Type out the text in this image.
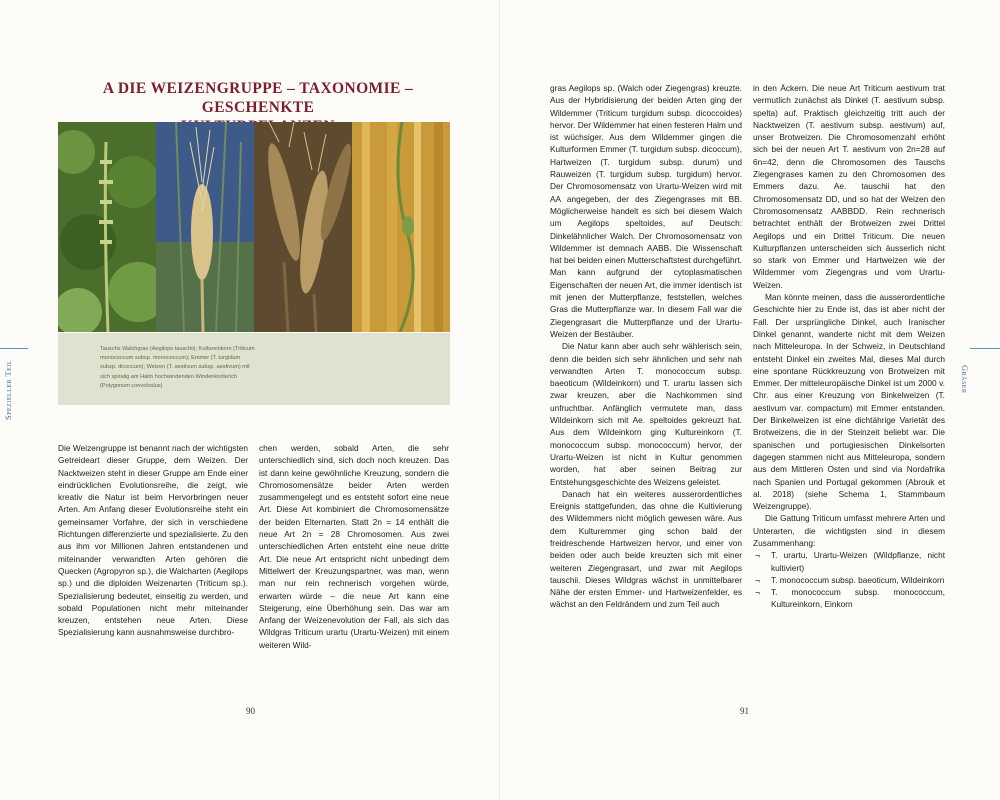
A DIE WEIZENGRUPPE – TAXONOMIE – GESCHENKTE
Tauschs Walchgras (Aegilops tauschii); Kultureinkorn (Triticum
monococcum subsp. monococcum); Emmer (T. turgidum
subsp. dicoccum); Weizen (T. aestivum subsp. aestivum) mit
sich spiralig am Halm hochwindenden Windenknöterich
(Polygonum convolvulus)
Spezieller Teil

Die Weizengruppe ist benannt nach der wichtigsten Getreideart dieser Gruppe, dem Weizen. Der Nacktweizen steht in dieser Gruppe am Ende einer eindrücklichen Evolutionsreihe, die zeigt, wie kreativ die Natur ist beim Hervorbringen neuer Arten. Am Anfang dieser Evolutionsreihe steht ein gemeinsamer Vorfahre, der sich in verschiedene Richtungen differenzierte und spezialisierte. Zu den aus ihm vor Millionen Jahren entstandenen und miteinander verwandten Arten gehören die Quecken (Agropyron sp.), die Walcharten (Aegilops sp.) und die diploiden Weizenarten (Triticum sp.). Spezialisierung bedeutet, einseitig zu werden, und sobald Populationen nicht mehr miteinander kreuzen, entstehen neue Arten. Diese Spezialisierung kann ausnahmsweise durchbro-

chen werden, sobald Arten, die sehr unterschiedlich sind, sich doch noch kreuzen. Das ist dann keine gewöhnliche Kreuzung, sondern die Chromosomensätze beider Arten werden zusammengelegt und es entsteht sofort eine neue Art. Diese Art kombiniert die Chromosomensätze der beiden Elternarten. Statt 2n = 14 enthält die neue Art 2n = 28 Chromosomen. Aus zwei unterschiedlichen Arten entsteht eine neue dritte Art. Die neue Art entspricht nicht unbedingt dem Mittelwert der Kreuzungspartner, was man, wenn man nur rein rechnerisch vorgehen würde, erwarten würde – die neue Art kann eine Steigerung, eine Überhöhung sein. Das war am Anfang der Weizenevolution der Fall, als sich das Wildgras Triticum urartu (Urartu-Weizen) mit einem weiteren Wild-

90

gras Aegilops sp. (Walch oder Ziegengras) kreuzte. Aus der Hybridisierung der beiden Arten ging der Wildemmer (Triticum turgidum subsp. dicoccoides) hervor. Der Wildemmer hat einen festeren Halm und ist wüchsiger. Aus dem Wildemmer gingen die Kulturformen Emmer (T. turgidum subsp. dicoccum), Hartweizen (T. turgidum subsp. durum) und Rauweizen (T. turgidum subsp. turgidum) hervor. Der Chromosomensatz von Urartu-Weizen wird mit AA angegeben, der des Ziegengrases mit BB. Möglicherweise handelt es sich bei diesem Walch um Aegilops speltoides, auf Deutsch: Dinkelähnlicher Walch. Der Chromosomensatz von Wildemmer ist demnach AABB. Die Wissenschaft hat bei beiden einen Mutterschaftstest durchgeführt. Man kann aufgrund der cytoplasmatischen Eigenschaften der neuen Art, die immer identisch ist mit jenen der Mutterpflanze, feststellen, welches Gras die Mutterpflanze war. In diesem Fall war die Ziegengrasart die Mutterpflanze und der Urartu-Weizen der Bestäuber.

Die Natur kann aber auch sehr wählerisch sein, denn die beiden sich sehr ähnlichen und sehr nah verwandten Arten T. monococcum subsp. baeoticum (Wildeinkorn) und T. urartu lassen sich zwar kreuzen, aber die Nachkommen sind unfruchtbar. Anfänglich vermutete man, dass Wildeinkorn sich mit Ae. speltoides gekreuzt hat. Aus dem Wildeinkorn ging Kultureinkorn (T. monococcum subsp. monococcum) hervor, der Urartu-Weizen ist nicht in Kultur genommen worden, hat aber seinen Beitrag zur Entstehungsgeschichte des Weizens geleistet.

Danach hat ein weiteres ausserordentliches Ereignis stattgefunden, das ohne die Kultivierung des Wildemmers nicht möglich gewesen wäre. Aus dem Kulturemmer ging schon bald der freidreschende Hartweizen hervor, und einer von beiden oder auch beide kreuzten sich mit einer weiteren Ziegengrasart, und zwar mit Aegilops tauschii. Dieses Wildgras wächst in unmittelbarer Nähe der ersten Emmer- und Hartweizenfelder, es wächst an den Feldrändern und zum Teil auch

in den Äckern. Die neue Art Triticum aestivum trat vermutlich zunächst als Dinkel (T. aestivum subsp. spelta) auf. Praktisch gleichzeitig tritt auch der Nacktweizen (T. aestivum subsp. aestivum) auf, unser Brotweizen. Die Chromosomenzahl erhöht sich bei der neuen Art T. aestivum von 2n=28 auf 6n=42, denn die Chromosomen des Tauschs Ziegengrases kamen zu den Chromosomen des Emmers dazu. Ae. tauschii hat den Chromosomensatz DD, und so hat der Weizen den Chromosomensatz AABBDD. Rein rechnerisch betrachtet enthält der Brotweizen zwei Drittel Aegilops und ein Drittel Triticum. Die neuen Kulturpflanzen unterscheiden sich äusserlich nicht so stark von Emmer und Hartweizen wie der Wildemmer vom Ziegengras und vom Urartu-Weizen.

Man könnte meinen, dass die ausserordentliche Geschichte hier zu Ende ist, das ist aber nicht der Fall. Der ursprüngliche Dinkel, auch Iranischer Dinkel genannt, wanderte nicht mit dem Weizen nach Mitteleuropa. In der Schweiz, in Deutschland entsteht Dinkel ein zweites Mal, dieses Mal durch eine spontane Rückkreuzung von Brotweizen mit Emmer. Der mitteleuropäische Dinkel ist um 2000 v. Chr. aus einer Kreuzung von Binkelweizen (T. aestivum var. compactum) mit Emmer entstanden. Der Binkelweizen ist eine dichtährige Varietät des Brotweizens, die in der Steinzeit beliebt war. Die spanischen und portugiesischen Dinkelsorten dagegen stammen nicht aus Mitteleuropa, sondern aus dem Mittleren Osten und sind via Nordafrika nach Spanien und Portugal gekommen (Abrouk et al. 2018) (siehe Schema 1, Stammbaum Weizengruppe).

Die Gattung Triticum umfasst mehrere Arten und Unterarten, die wichtigsten sind in diesem Zusammenhang:

¬ T. urartu, Urartu-Weizen (Wildpflanze, nicht kultiviert)
¬ T. monococcum subsp. baeoticum, Wildeinkorn
¬ T. monococcum subsp. monococcum, Kultureinkorn, Einkorn
Gräser
91
